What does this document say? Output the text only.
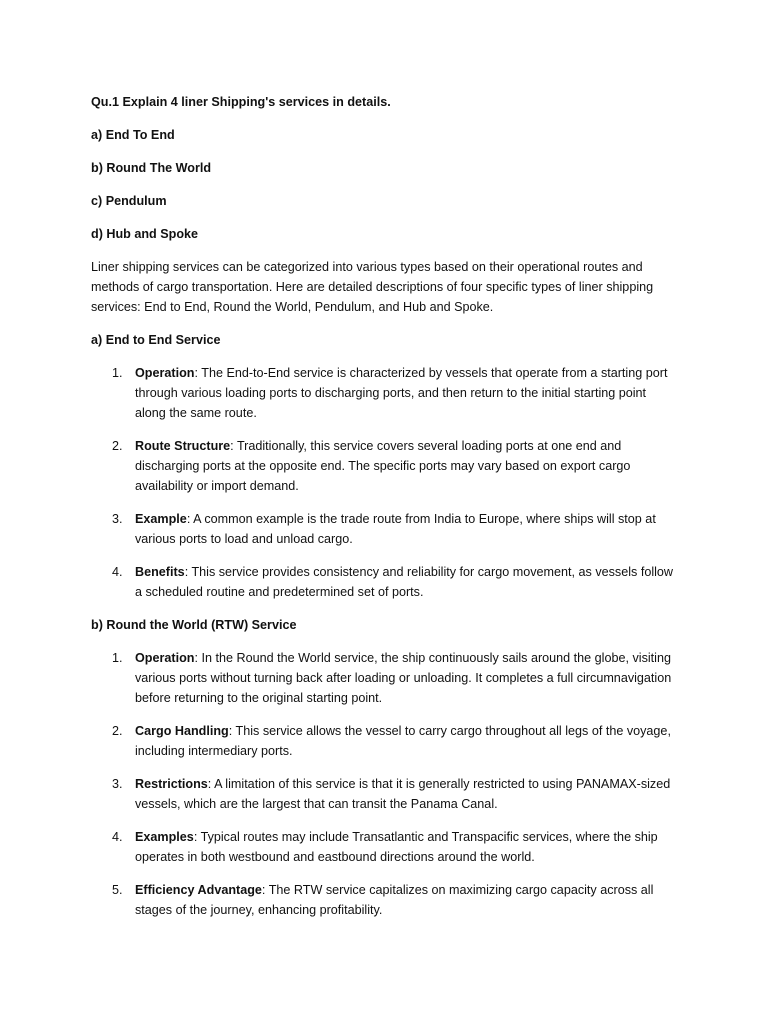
Qu.1 Explain 4 liner Shipping's services in details.
a) End To End
b) Round The World
c) Pendulum
d) Hub and Spoke

Liner shipping services can be categorized into various types based on their operational routes and methods of cargo transportation. Here are detailed descriptions of four specific types of liner shipping services: End to End, Round the World, Pendulum, and Hub and Spoke.

a) End to End Service
1. Operation: The End-to-End service is characterized by vessels that operate from a starting port through various loading ports to discharging ports, and then return to the initial starting point along the same route.
2. Route Structure: Traditionally, this service covers several loading ports at one end and discharging ports at the opposite end. The specific ports may vary based on export cargo availability or import demand.
3. Example: A common example is the trade route from India to Europe, where ships will stop at various ports to load and unload cargo.
4. Benefits: This service provides consistency and reliability for cargo movement, as vessels follow a scheduled routine and predetermined set of ports.
b) Round the World (RTW) Service
1. Operation: In the Round the World service, the ship continuously sails around the globe, visiting various ports without turning back after loading or unloading. It completes a full circumnavigation before returning to the original starting point.
2. Cargo Handling: This service allows the vessel to carry cargo throughout all legs of the voyage, including intermediary ports.
3. Restrictions: A limitation of this service is that it is generally restricted to using PANAMAX-sized vessels, which are the largest that can transit the Panama Canal.
4. Examples: Typical routes may include Transatlantic and Transpacific services, where the ship operates in both westbound and eastbound directions around the world.
5. Efficiency Advantage: The RTW service capitalizes on maximizing cargo capacity across all stages of the journey, enhancing profitability.
